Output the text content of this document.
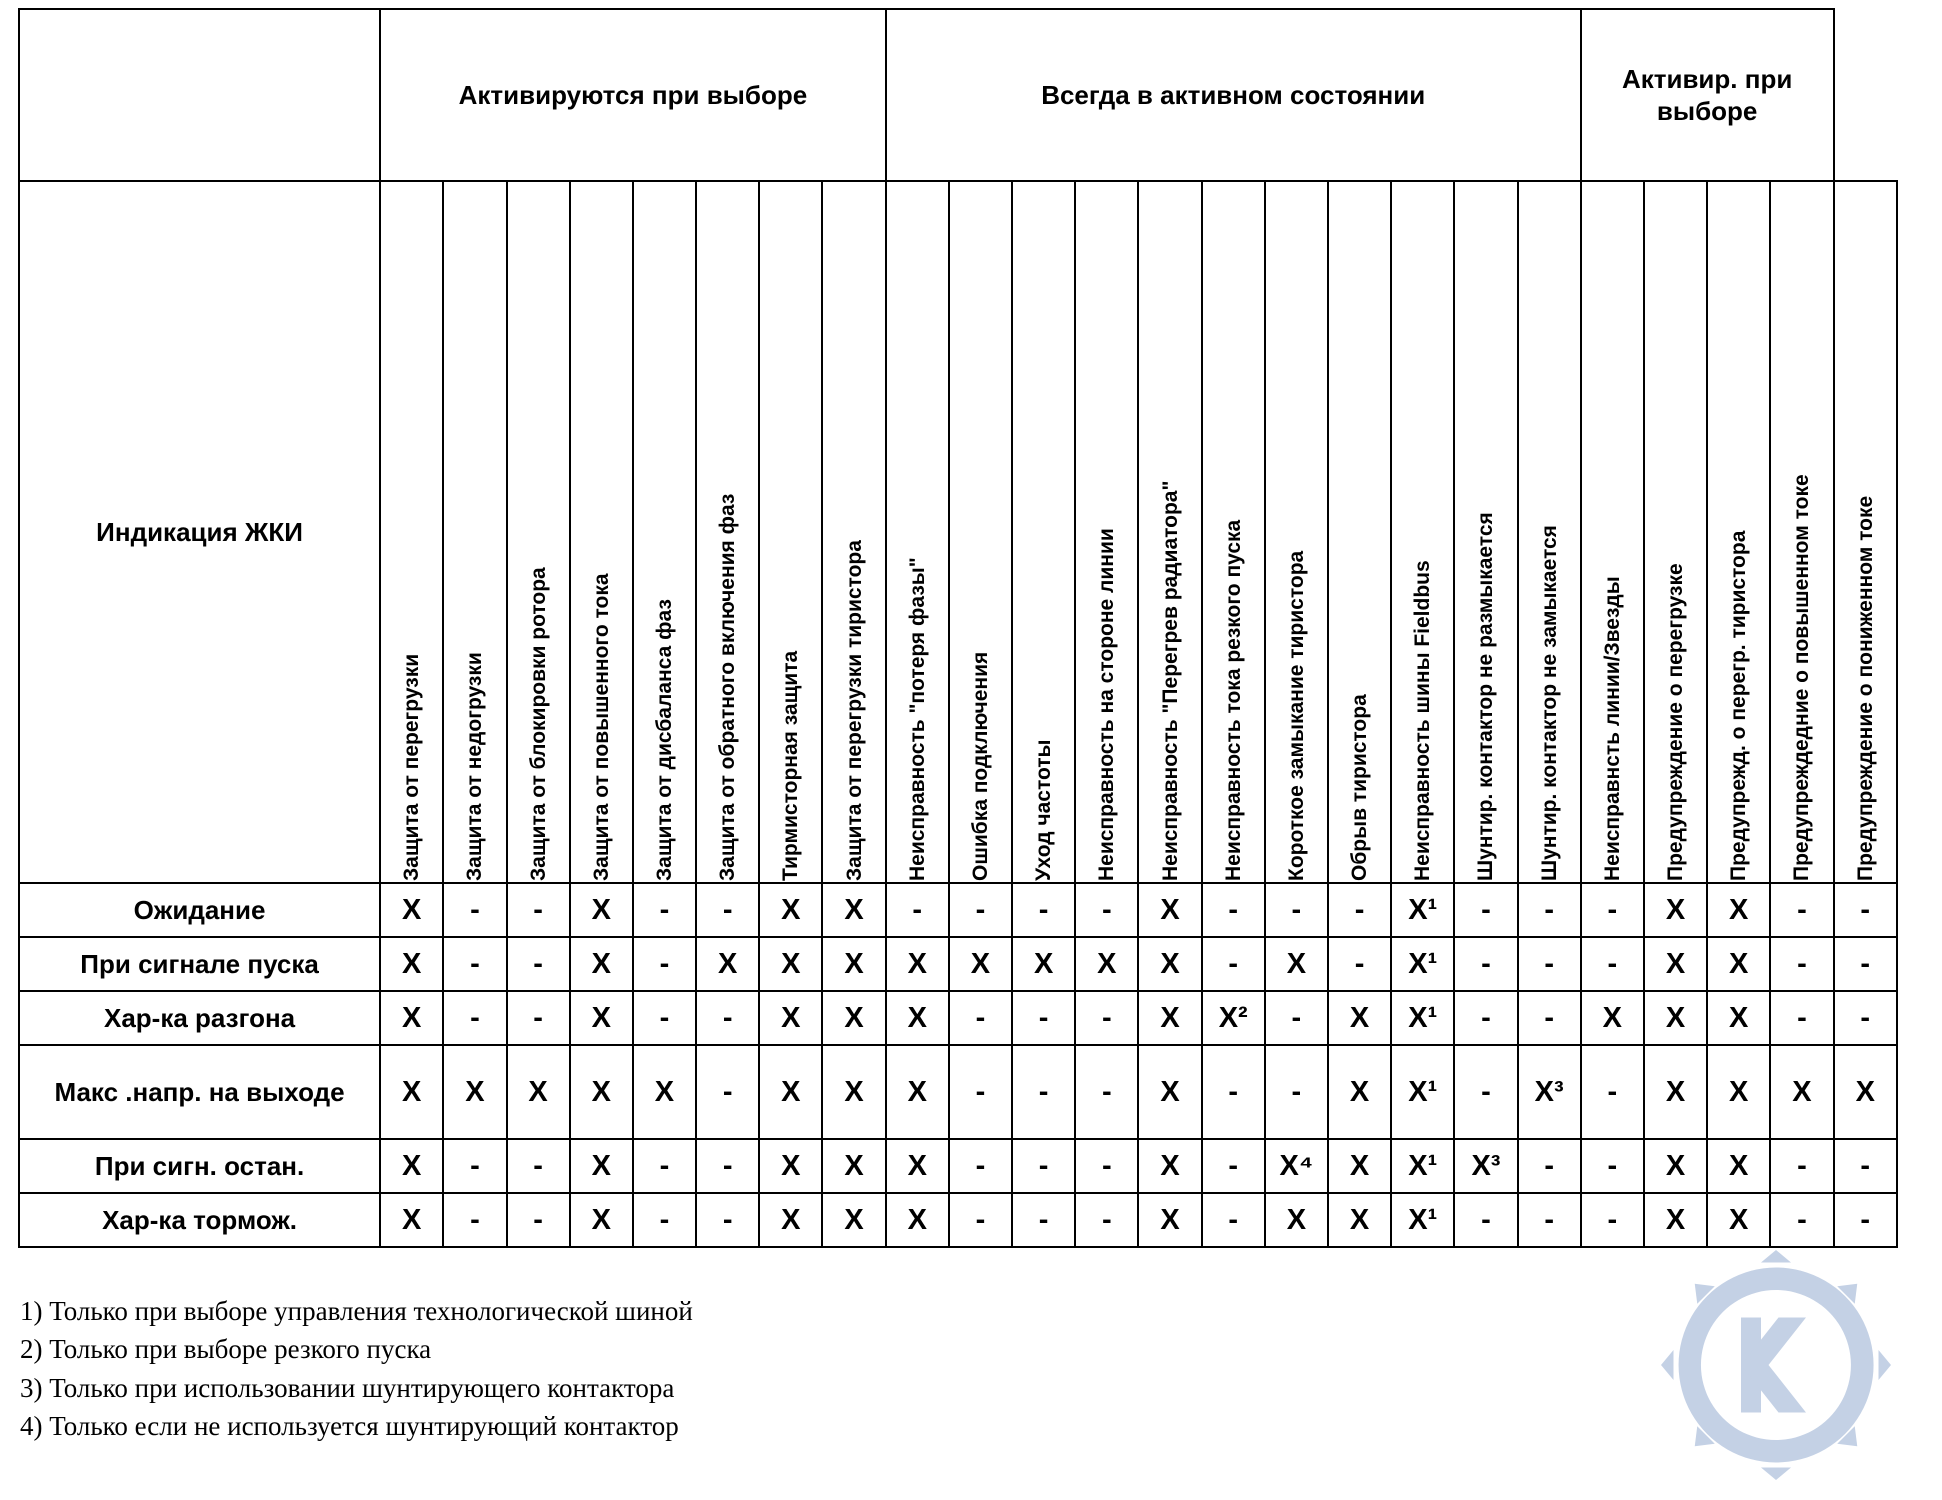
	Активируются при выборе								Всегда в активном состоянии											Активир. при выборе				
Индикация ЖКИ	Защита от перегрузки	Защита от недогрузки	Защита от блокировки ротора	Защита от повышенного тока	Защита от дисбаланса фаз	Защита от обратного включения фаз	Тирмисторная защита	Защита от перегрузки тиристора	Неисправность "потеря фазы"	Ошибка подключения	Уход частоты	Неисправность на стороне линии	Неисправность "Перегрев радиатора"	Неисправность тока резкого пуска	Короткое замыкание тиристора	Обрыв тиристора	Неисправность шины Fieldbus	Шунтир. контактор не размыкается	Шунтир. контактор не замыкается	Неисправнсть линии/Звезды	Предупреждение о перегрузке	Предупрежд. о перегр. тиристора	Предупреждедние о повышенном токе	Предупреждение о пониженном токе

Ожидание	X	-	-	X	-	-	X	X	-	-	-	-	X	-	-	-	X¹	-	-	-	X	X	-	-
При сигнале пуска	X	-	-	X	-	X	X	X	X	X	X	X	X	-	X	-	X¹	-	-	-	X	X	-	-
Хар-ка разгона	X	-	-	X	-	-	X	X	X	-	-	-	X	X²	-	X	X¹	-	-	X	X	X	-	-
Макс .напр. на выходе	X	X	X	X	X	-	X	X	X	-	-	-	X	-	-	X	X¹	-	X³	-	X	X	X	X
При сигн. остан.	X	-	-	X	-	-	X	X	X	-	-	-	X	-	X⁴	X	X¹	X³	-	-	X	X	-	-
Хар-ка тормож.	X	-	-	X	-	-	X	X	X	-	-	-	X	-	X	X	X¹	-	-	-	X	X	-	-
1) Только при выборе управления технологической шиной
2) Только при выборе резкого пуска
3) Только при использовании шунтирующего контактора
4) Только если не используется шунтирующий контактор
